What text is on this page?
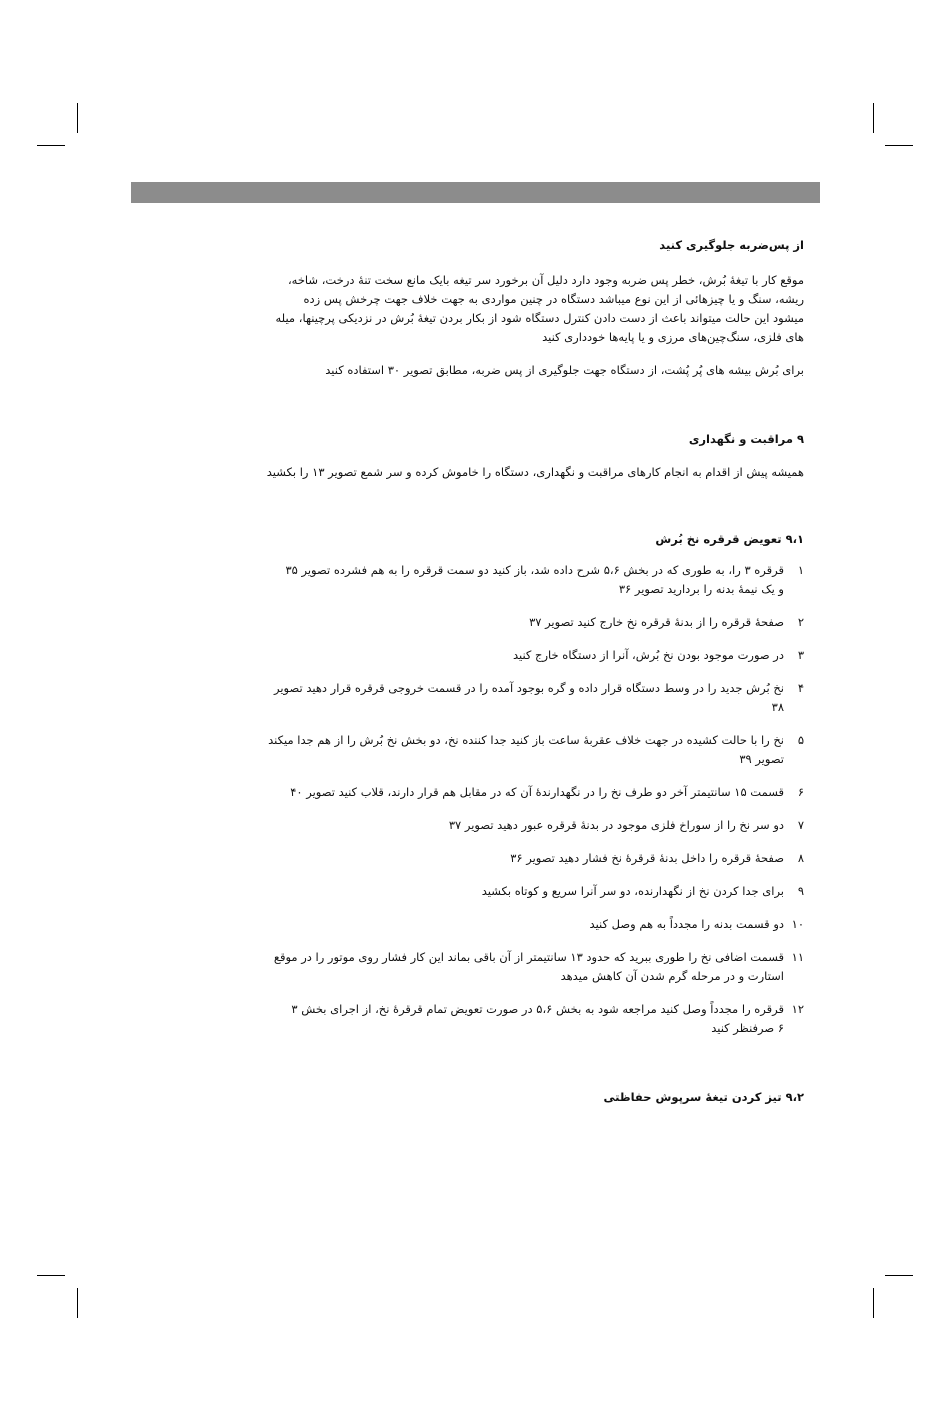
از پس‌ضربه جلوگیری کنید

موقع کار با تیغهٔ بُرش، خطر پس ضربه وجود دارد دلیل آن برخورد سر تیغه بایک مانع سخت تنهٔ درخت، شاخه،
ریشه، سنگ و یا چیزهائی از این نوع میباشد دستگاه در چنین مواردی به جهت خلاف جهت چرخش پس زده
میشود این حالت میتواند باعث از دست دادن کنترل دستگاه شود از بکار بردن تیغهٔ بُرش در نزدیکی پرچینها، میله
های فلزی، سنگ‌چین‌های مرزی و یا پایه‌ها خودداری کنید

برای بُرش بیشه های پُر پُشت، از دستگاه جهت جلوگیری از پس ضربه، مطابق تصویر ۳۰ استفاده کنید

۹ مراقبت و نگهداری

همیشه پیش از اقدام به انجام کارهای مراقبت و نگهداری، دستگاه را خاموش کرده و سر شمع تصویر ۱۳ را بکشید

۹،۱ تعویض قرقره نخ بُرش

۱
قرقره ۳ را، به طوری که در بخش ۵،۶ شرح داده شد، باز کنید دو سمت قرقره را به هم فشرده تصویر ۳۵
و یک نیمهٔ بدنه را بردارید تصویر ۳۶
۲
صفحهٔ قرقره را از بدنهٔ قرقره نخ خارج کنید تصویر ۳۷
۳
در صورت موجود بودن نخ بُرش، آنرا از دستگاه خارج کنید
۴
نخ بُرش جدید را در وسط دستگاه قرار داده و گره بوجود آمده را در قسمت خروجی قرقره قرار دهید تصویر
۳۸
۵
نخ را با حالت کشیده در جهت خلاف عقربهٔ ساعت باز کنید جدا کننده نخ، دو بخش نخ بُرش را از هم جدا میکند
تصویر ۳۹
۶
قسمت ۱۵ سانتیمتر آخر دو طرف نخ را در نگهدارندهٔ آن که در مقابل هم قرار دارند، قلاب کنید تصویر ۴۰
۷
دو سر نخ را از سوراخ فلزی موجود در بدنهٔ قرقره عبور دهید تصویر ۳۷
۸
صفحهٔ قرقره را داخل بدنهٔ قرقرهٔ نخ فشار دهید تصویر ۳۶
۹
برای جدا کردن نخ از نگهدارنده، دو سر آنرا سریع و کوتاه بکشید
۱۰
دو قسمت بدنه را مجدداً به هم وصل کنید
۱۱
قسمت اضافی نخ را طوری ببرید که حدود ۱۳ سانتیمتر از آن باقی بماند این کار فشار روی موتور را در موقع
استارت و در مرحله گرم شدن آن کاهش میدهد
۱۲
قرقره را مجدداً وصل کنید مراجعه شود به بخش ۵،۶ در صورت تعویض تمام قرقرهٔ نخ، از اجرای بخش ۳
۶ صرفنظر کنید

۹،۲ تیز کردن تیغهٔ سرپوش حفاظتی
